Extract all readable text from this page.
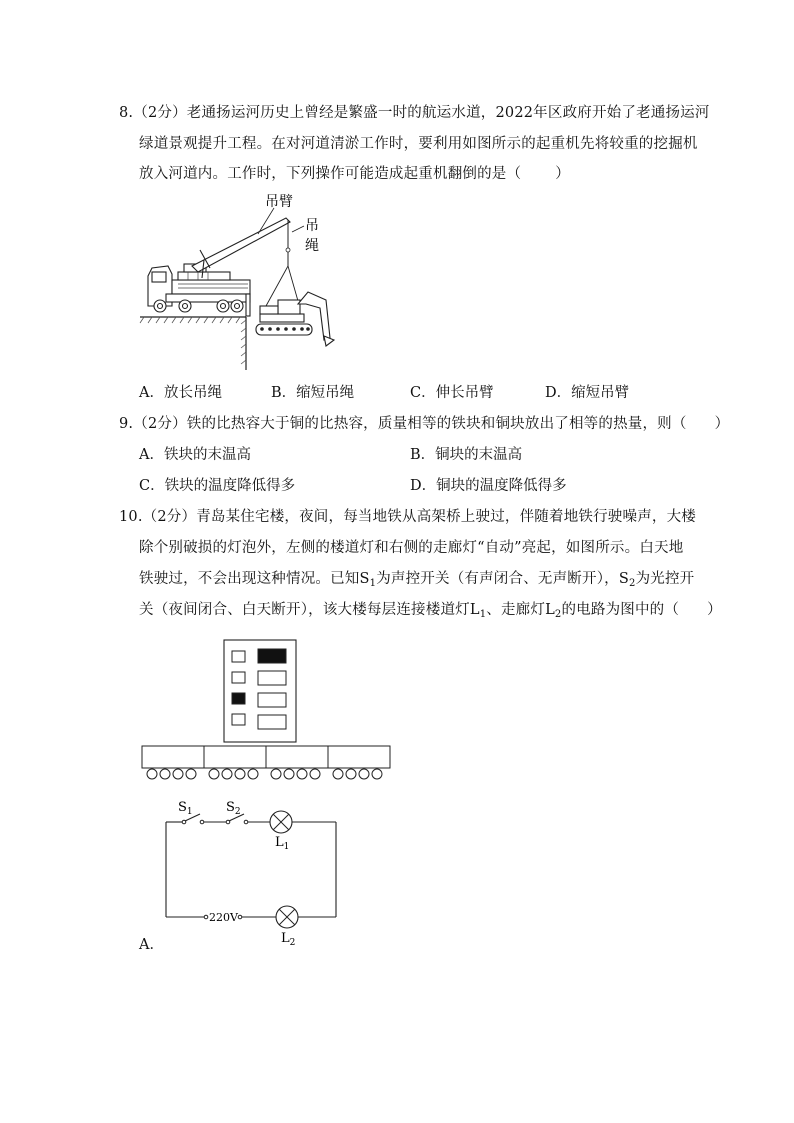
8.（2分）老通扬运河历史上曾经是繁盛一时的航运水道，2022年区政府开始了老通扬运河
绿道景观提升工程。在对河道清淤工作时，要利用如图所示的起重机先将较重的挖掘机
放入河道内。工作时，下列操作可能造成起重机翻倒的是（ ）
吊臂
吊
绳
A．放长吊绳	B．缩短吊绳	C．伸长吊臂	D．缩短吊臂
9.（2分）铁的比热容大于铜的比热容，质量相等的铁块和铜块放出了相等的热量，则（ ）
A．铁块的末温高	B．铜块的末温高
C．铁块的温度降低得多	D．铜块的温度降低得多
10.（2分）青岛某住宅楼，夜间，每当地铁从高架桥上驶过，伴随着地铁行驶噪声，大楼
除个别破损的灯泡外，左侧的楼道灯和右侧的走廊灯“自动”亮起，如图所示。白天地
铁驶过，不会出现这种情况。已知$S_1$为声控开关（有声闭合、无声断开），$S_2$为光控开
关（夜间闭合、白天断开），该大楼每层连接楼道灯$L_1$、走廊灯$L_2$的电路为图中的（ ）
$S_1$	$S_2$
$L_1$
$L_2$
220V
A．
